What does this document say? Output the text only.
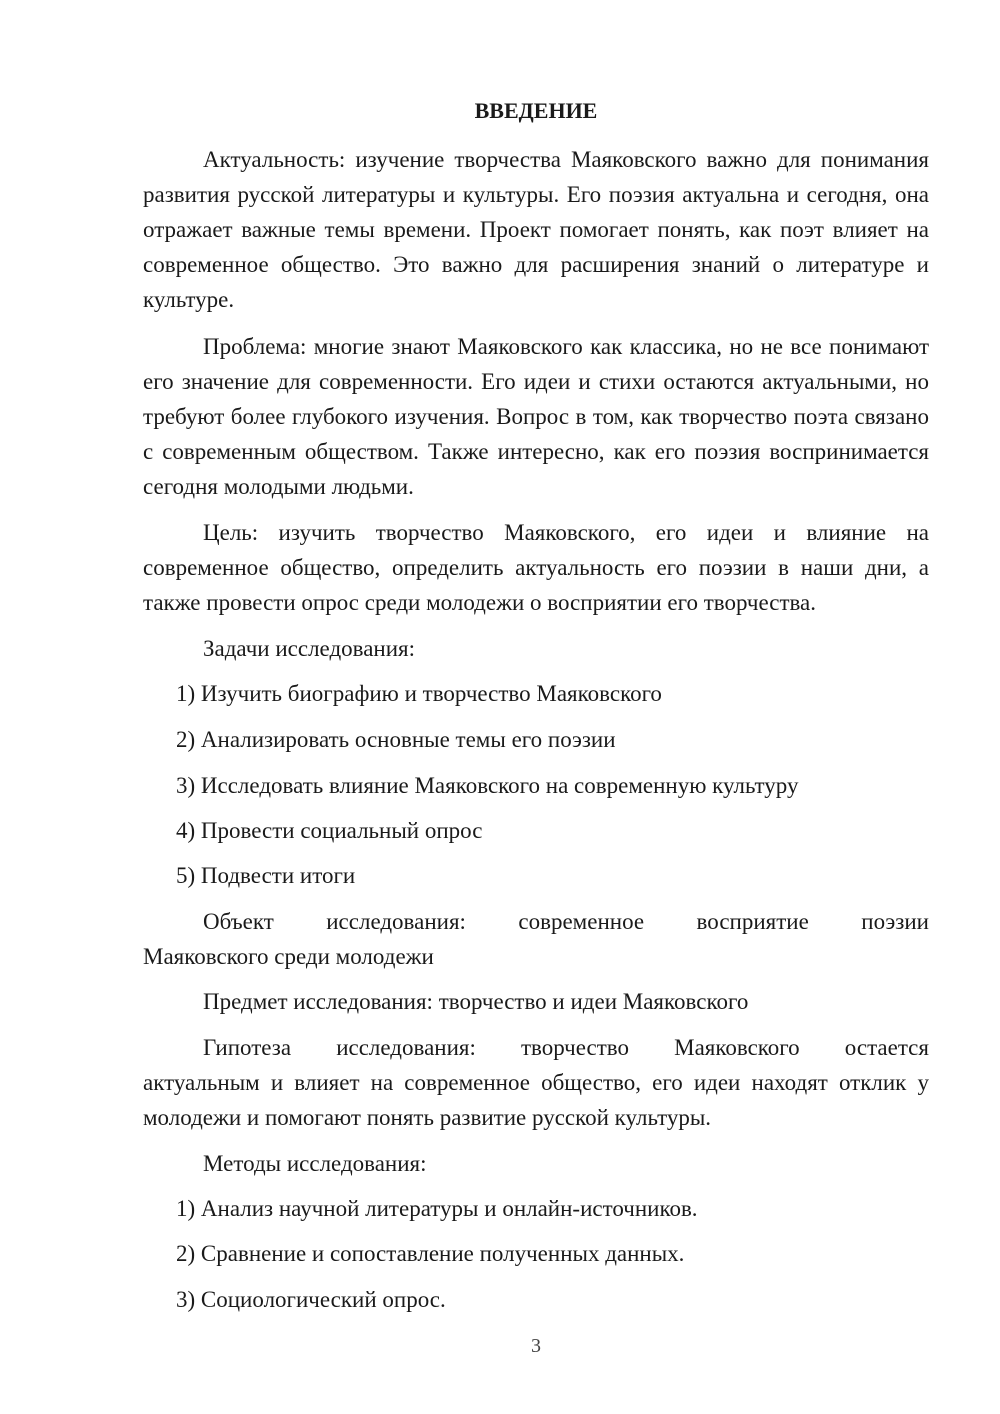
ВВЕДЕНИЕ

Актуальность: изучение творчества Маяковского важно для понимания развития русской литературы и культуры. Его поэзия актуальна и сегодня, она отражает важные темы времени. Проект помогает понять, как поэт влияет на современное общество. Это важно для расширения знаний о литературе и культуре.

Проблема: многие знают Маяковского как классика, но не все понимают его значение для современности. Его идеи и стихи остаются актуальными, но требуют более глубокого изучения. Вопрос в том, как творчество поэта связано с современным обществом. Также интересно, как его поэзия воспринимается сегодня молодыми людьми.

Цель: изучить творчество Маяковского, его идеи и влияние на современное общество, определить актуальность его поэзии в наши дни, а также провести опрос среди молодежи о восприятии его творчества.

Задачи исследования:

1) Изучить биографию и творчество Маяковского

2) Анализировать основные темы его поэзии

3) Исследовать влияние Маяковского на современную культуру

4) Провести социальный опрос

5) Подвести итоги

Объект исследования: современное восприятие поэзии

Маяковского среди молодежи

Предмет исследования: творчество и идеи Маяковского

Гипотеза исследования: творчество Маяковского остается

актуальным и влияет на современное общество, его идеи находят отклик у молодежи и помогают понять развитие русской культуры.

Методы исследования:

1) Анализ научной литературы и онлайн-источников.

2) Сравнение и сопоставление полученных данных.

3) Социологический опрос.

3
